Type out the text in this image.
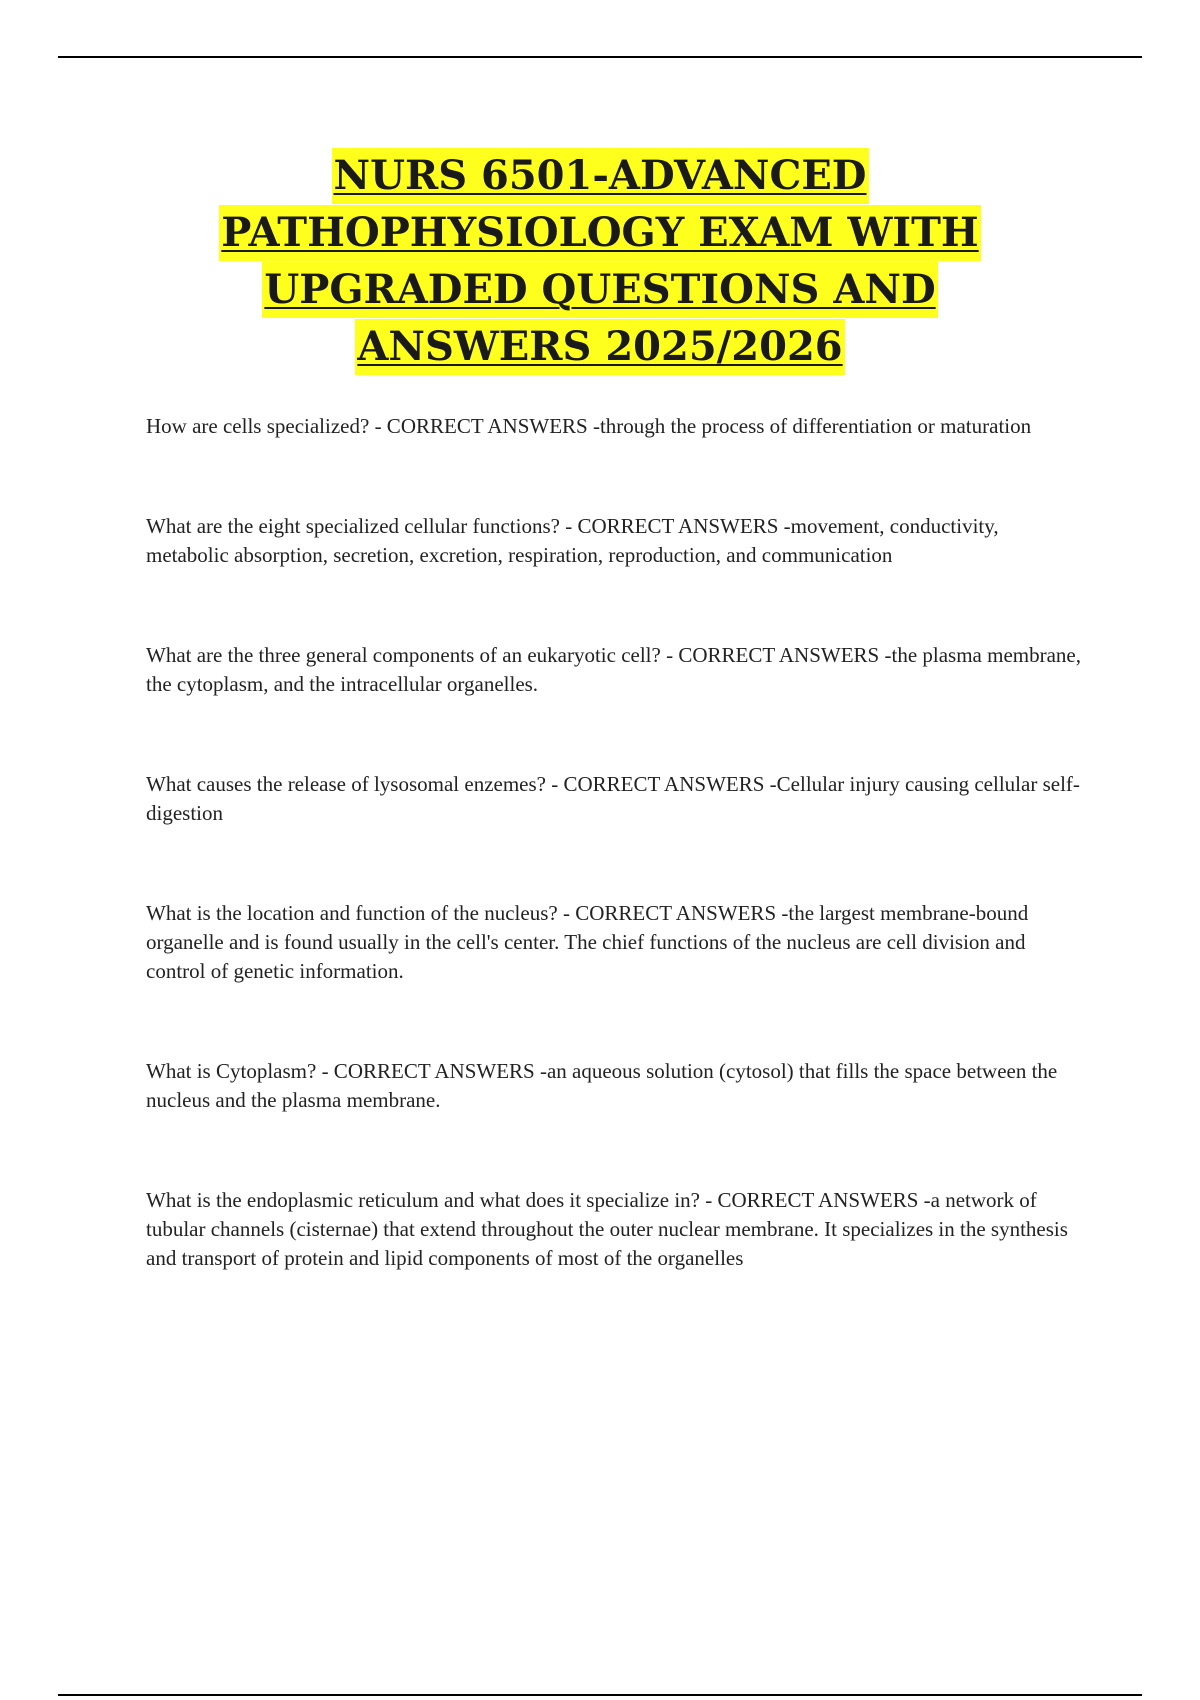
NURS 6501-ADVANCED
PATHOPHYSIOLOGY EXAM WITH
UPGRADED QUESTIONS AND
ANSWERS 2025/2026

How are cells specialized? - CORRECT ANSWERS -through the process of differentiation or maturation

What are the eight specialized cellular functions? - CORRECT ANSWERS -movement, conductivity, metabolic absorption, secretion, excretion, respiration, reproduction, and communication

What are the three general components of an eukaryotic cell? - CORRECT ANSWERS -the plasma membrane, the cytoplasm, and the intracellular organelles.

What causes the release of lysosomal enzemes? - CORRECT ANSWERS -Cellular injury causing cellular self-digestion

What is the location and function of the nucleus? - CORRECT ANSWERS -the largest membrane-bound organelle and is found usually in the cell's center. The chief functions of the nucleus are cell division and control of genetic information.

What is Cytoplasm? - CORRECT ANSWERS -an aqueous solution (cytosol) that fills the space between the nucleus and the plasma membrane.

What is the endoplasmic reticulum and what does it specialize in? - CORRECT ANSWERS -a network of tubular channels (cisternae) that extend throughout the outer nuclear membrane. It specializes in the synthesis and transport of protein and lipid components of most of the organelles
